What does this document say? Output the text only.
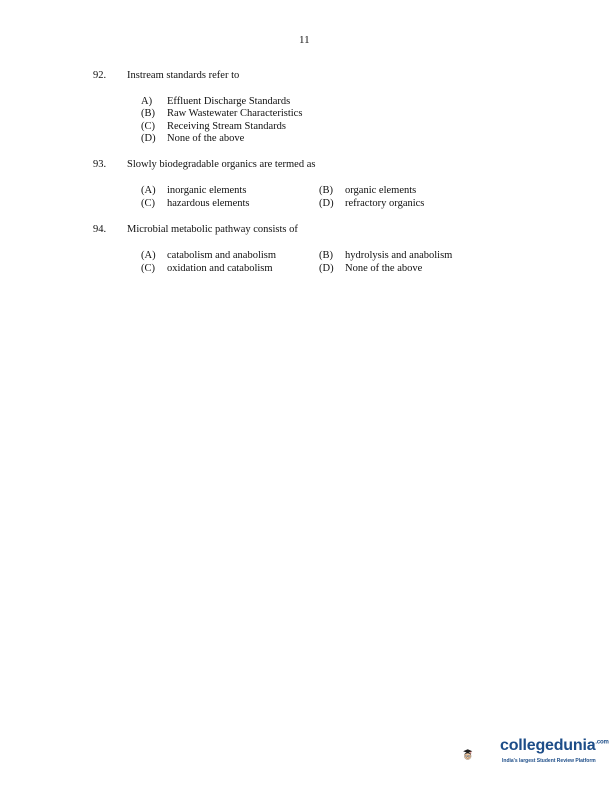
11
92. Instream standards refer to
A)	Effluent Discharge Standards
(B)	Raw Wastewater Characteristics
(C)	Receiving Stream Standards
(D)	None of the above
93. Slowly biodegradable organics are termed as
(A)	inorganic elements	(B)	organic elements
(C)	hazardous elements	(D)	refractory organics
94. Microbial metabolic pathway consists of
(A)	catabolism and anabolism	(B)	hydrolysis and anabolism
(C)	oxidation and catabolism	(D)	None of the above
collegedunia$^{.com}$
India's largest Student Review Platform
